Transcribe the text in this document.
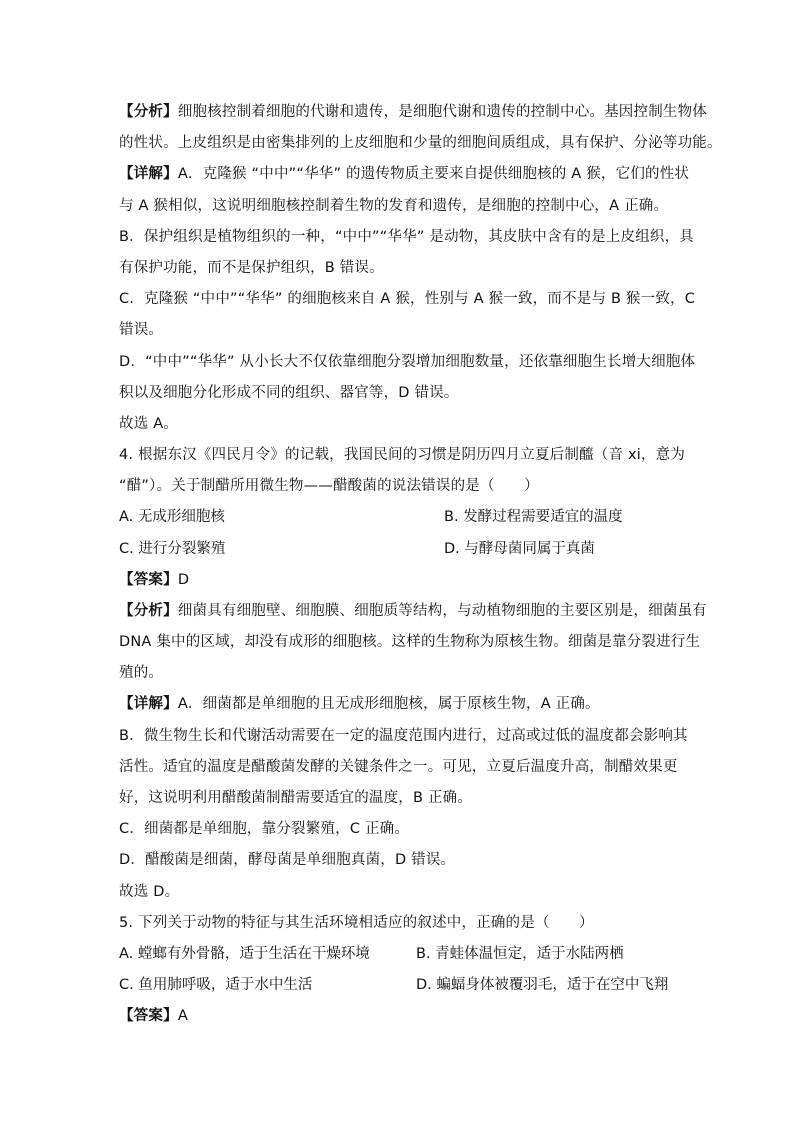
【分析】细胞核控制着细胞的代谢和遗传，是细胞代谢和遗传的控制中心。基因控制生物体
的性状。上皮组织是由密集排列的上皮细胞和少量的细胞间质组成，具有保护、分泌等功能。
【详解】A．克隆猴 “中中”“华华” 的遗传物质主要来自提供细胞核的 A 猴，它们的性状
与 A 猴相似，这说明细胞核控制着生物的发育和遗传，是细胞的控制中心，A 正确。
B．保护组织是植物组织的一种，“中中”“华华” 是动物，其皮肤中含有的是上皮组织，具
有保护功能，而不是保护组织，B 错误。
C．克隆猴 “中中”“华华” 的细胞核来自 A 猴，性别与 A 猴一致，而不是与 B 猴一致，C
错误。
D．“中中”“华华” 从小长大不仅依靠细胞分裂增加细胞数量，还依靠细胞生长增大细胞体
积以及细胞分化形成不同的组织、器官等，D 错误。
故选 A。
4. 根据东汉《四民月令》的记载，我国民间的习惯是阴历四月立夏后制醯（音 xi，意为
“醋”）。关于制醋所用微生物——醋酸菌的说法错误的是（　　）
A. 无成形细胞核	B. 发酵过程需要适宜的温度
C. 进行分裂繁殖	D. 与酵母菌同属于真菌
【答案】D
【分析】细菌具有细胞壁、细胞膜、细胞质等结构，与动植物细胞的主要区别是，细菌虽有
DNA 集中的区域，却没有成形的细胞核。这样的生物称为原核生物。细菌是靠分裂进行生
殖的。
【详解】A．细菌都是单细胞的且无成形细胞核，属于原核生物，A 正确。
B．微生物生长和代谢活动需要在一定的温度范围内进行，过高或过低的温度都会影响其
活性。适宜的温度是醋酸菌发酵的关键条件之一。可见，立夏后温度升高，制醋效果更
好，这说明利用醋酸菌制醋需要适宜的温度，B 正确。
C．细菌都是单细胞，靠分裂繁殖，C 正确。
D．醋酸菌是细菌，酵母菌是单细胞真菌，D 错误。
故选 D。
5. 下列关于动物的特征与其生活环境相适应的叙述中，正确的是（　　）
A. 螳螂有外骨骼，适于生活在干燥环境	B. 青蛙体温恒定，适于水陆两栖
C. 鱼用肺呼吸，适于水中生活	D. 蝙蝠身体被覆羽毛，适于在空中飞翔
【答案】A
